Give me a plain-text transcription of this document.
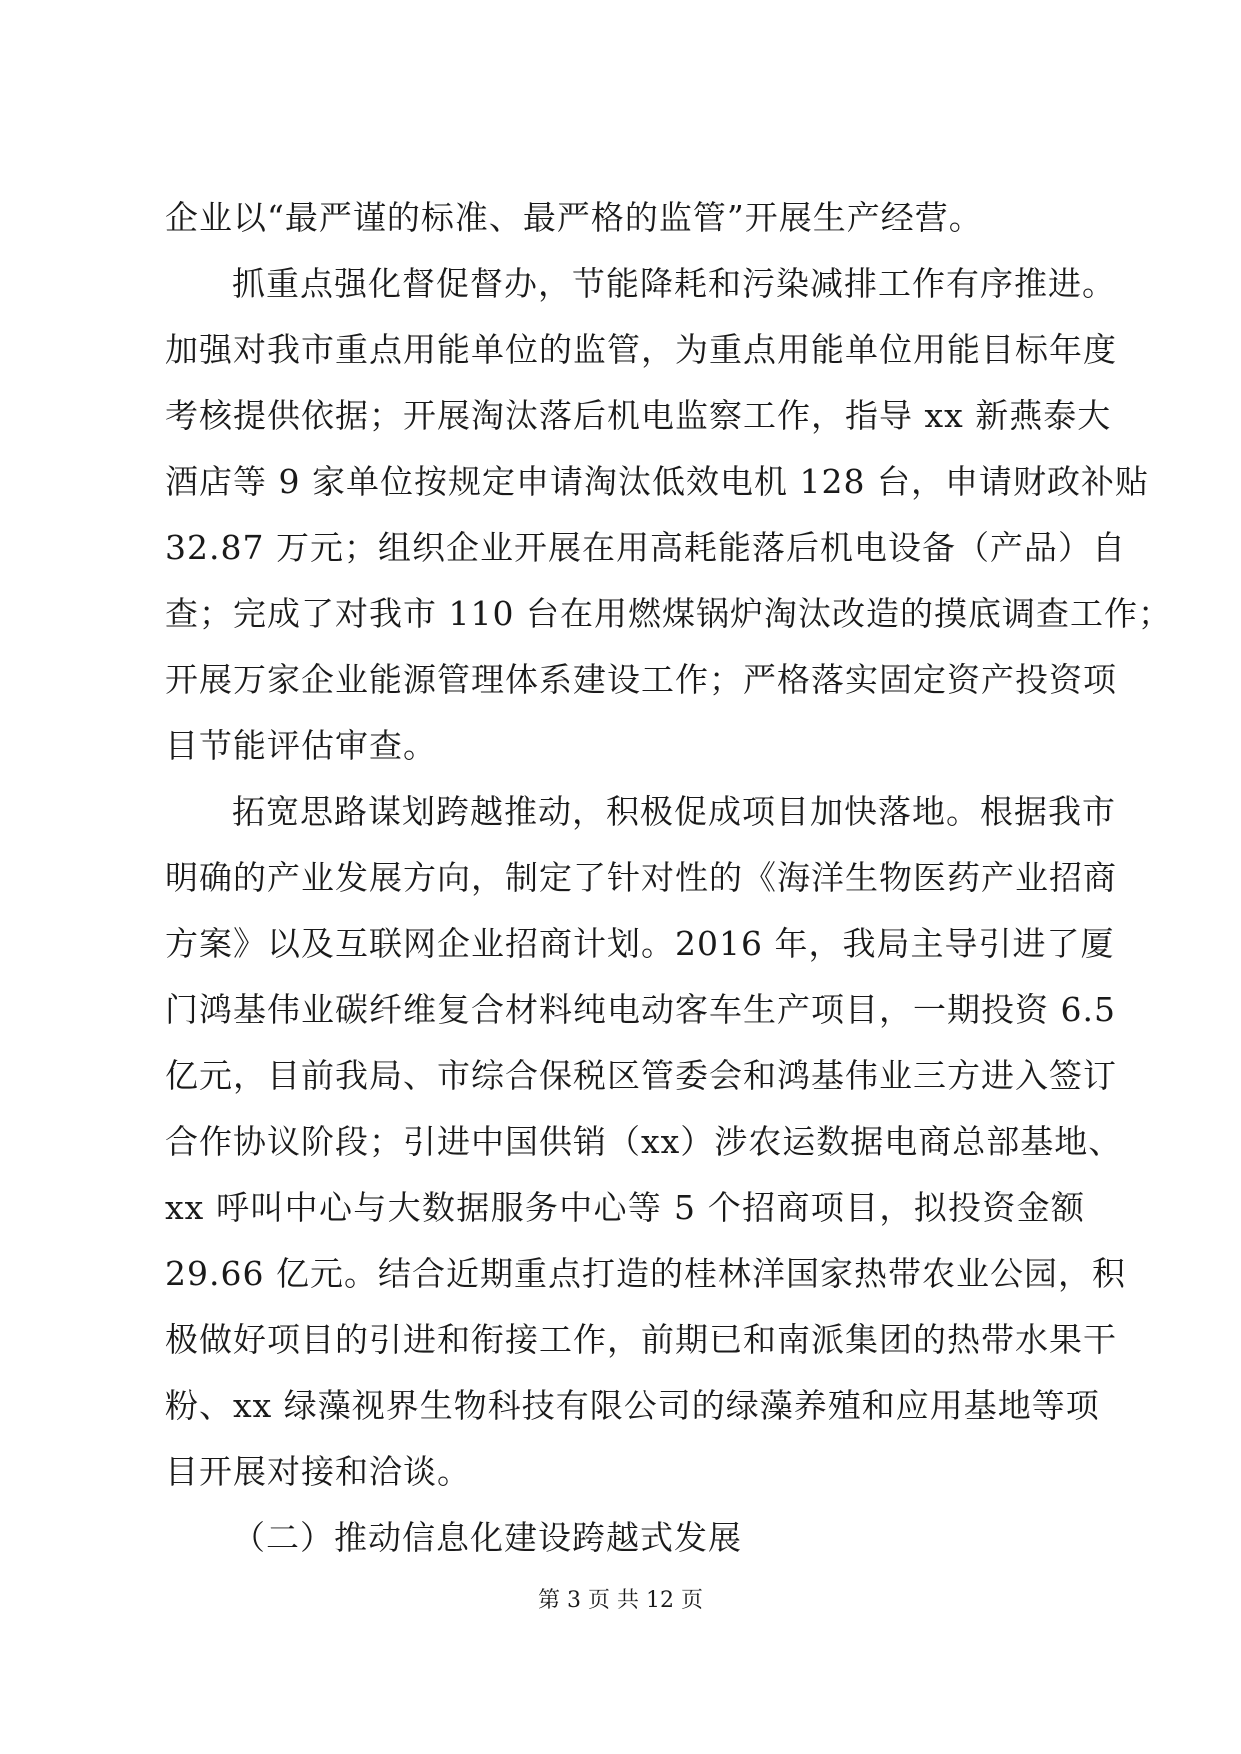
企业以“最严谨的标准、最严格的监管”开展生产经营。
抓重点强化督促督办，节能降耗和污染减排工作有序推进。
加强对我市重点用能单位的监管，为重点用能单位用能目标年度
考核提供依据；开展淘汰落后机电监察工作，指导 xx 新燕泰大
酒店等 9 家单位按规定申请淘汰低效电机 128 台，申请财政补贴
32.87 万元；组织企业开展在用高耗能落后机电设备（产品）自
查；完成了对我市 110 台在用燃煤锅炉淘汰改造的摸底调查工作；
开展万家企业能源管理体系建设工作；严格落实固定资产投资项
目节能评估审查。
拓宽思路谋划跨越推动，积极促成项目加快落地。根据我市
明确的产业发展方向，制定了针对性的《海洋生物医药产业招商
方案》以及互联网企业招商计划。2016 年，我局主导引进了厦
门鸿基伟业碳纤维复合材料纯电动客车生产项目，一期投资 6.5
亿元，目前我局、市综合保税区管委会和鸿基伟业三方进入签订
合作协议阶段；引进中国供销（xx）涉农运数据电商总部基地、
xx 呼叫中心与大数据服务中心等 5 个招商项目，拟投资金额
29.66 亿元。结合近期重点打造的桂林洋国家热带农业公园，积
极做好项目的引进和衔接工作，前期已和南派集团的热带水果干
粉、xx 绿藻视界生物科技有限公司的绿藻养殖和应用基地等项
目开展对接和洽谈。
（二）推动信息化建设跨越式发展
第 3 页 共 12 页
